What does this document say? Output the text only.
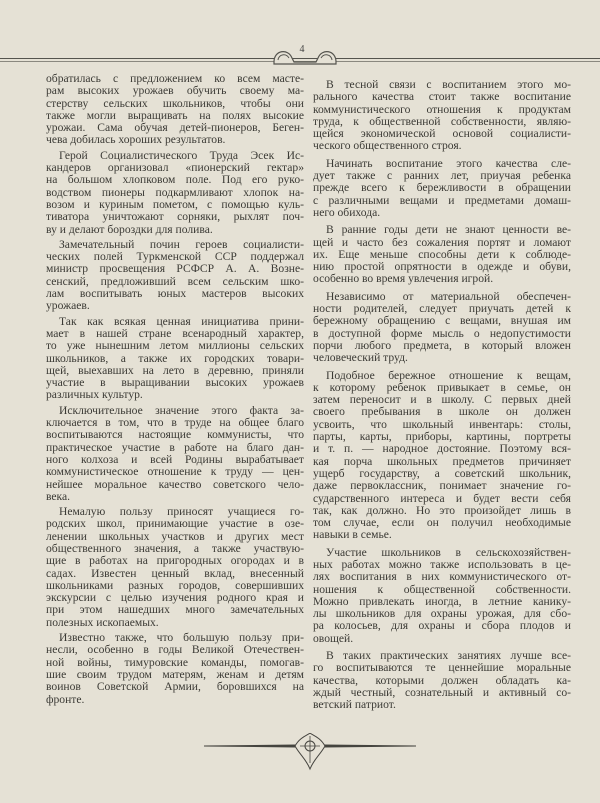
4
обратилась с предложением ко всем масте-
рам высоких урожаев обучить своему ма-
стерству сельских школьников, чтобы они
также могли выращивать на полях высокие
урожаи. Сама обучая детей-пионеров, Беген-
чева добилась хороших результатов.
Герой Социалистического Труда Эсек Ис-
кандеров организовал «пионерский гектар»
на большом хлопковом поле. Под его руко-
водством пионеры подкармливают хлопок на-
возом и куриным пометом, с помощью куль-
тиватора уничтожают сорняки, рыхлят поч-
ву и делают бороздки для полива.
Замечательный почин героев социалисти-
ческих полей Туркменской ССР поддержал
министр просвещения РСФСР А. А. Возне-
сенский, предложивший всем сельским шко-
лам воспитывать юных мастеров высоких
урожаев.
Так как всякая ценная инициатива прини-
мает в нашей стране всенародный характер,
то уже нынешним летом миллионы сельских
школьников, а также их городских товари-
щей, выехавших на лето в деревню, приняли
участие в выращивании высоких урожаев
различных культур.
Исключительное значение этого факта за-
ключается в том, что в труде на общее благо
воспитываются настоящие коммунисты, что
практическое участие в работе на благо дан-
ного колхоза и всей Родины вырабатывает
коммунистическое отношение к труду — цен-
нейшее моральное качество советского чело-
века.
Немалую пользу приносят учащиеся го-
родских школ, принимающие участие в озе-
ленении школьных участков и других мест
общественного значения, а также участвую-
щие в работах на пригородных огородах и в
садах. Известен ценный вклад, внесенный
школьниками разных городов, совершивших
экскурсии с целью изучения родного края и
при этом нашедших много замечательных
полезных ископаемых.
Известно также, что большую пользу при-
несли, особенно в годы Великой Отечествен-
ной войны, тимуровские команды, помогав-
шие своим трудом матерям, женам и детям
воинов Советской Армии, боровшихся на
фронте.
В тесной связи с воспитанием этого мо-
рального качества стоит также воспитание
коммунистического отношения к продуктам
труда, к общественной собственности, являю-
щейся экономической основой социалисти-
ческого общественного строя.
Начинать воспитание этого качества сле-
дует также с ранних лет, приучая ребенка
прежде всего к бережливости в обращении
с различными вещами и предметами домаш-
него обихода.
В ранние годы дети не знают ценности ве-
щей и часто без сожаления портят и ломают
их. Еще меньше способны дети к соблюде-
нию простой опрятности в одежде и обуви,
особенно во время увлечения игрой.
Независимо от материальной обеспечен-
ности родителей, следует приучать детей к
бережному обращению с вещами, внушая им
в доступной форме мысль о недопустимости
порчи любого предмета, в который вложен
человеческий труд.
Подобное бережное отношение к вещам,
к которому ребенок привыкает в семье, он
затем переносит и в школу. С первых дней
своего пребывания в школе он должен
усвоить, что школьный инвентарь: столы,
парты, карты, приборы, картины, портреты
и т. п. — народное достояние. Поэтому вся-
кая порча школьных предметов причиняет
ущерб государству, а советский школьник,
даже первоклассник, понимает значение го-
сударственного интереса и будет вести себя
так, как должно. Но это произойдет лишь в
том случае, если он получил необходимые
навыки в семье.
Участие школьников в сельскохозяйствен-
ных работах можно также использовать в це-
лях воспитания в них коммунистического от-
ношения к общественной собственности.
Можно привлекать иногда, в летние канику-
лы школьников для охраны урожая, для сбо-
ра колосьев, для охраны и сбора плодов и
овощей.
В таких практических занятиях лучше все-
го воспитываются те ценнейшие моральные
качества, которыми должен обладать ка-
ждый честный, сознательный и активный со-
ветский патриот.
